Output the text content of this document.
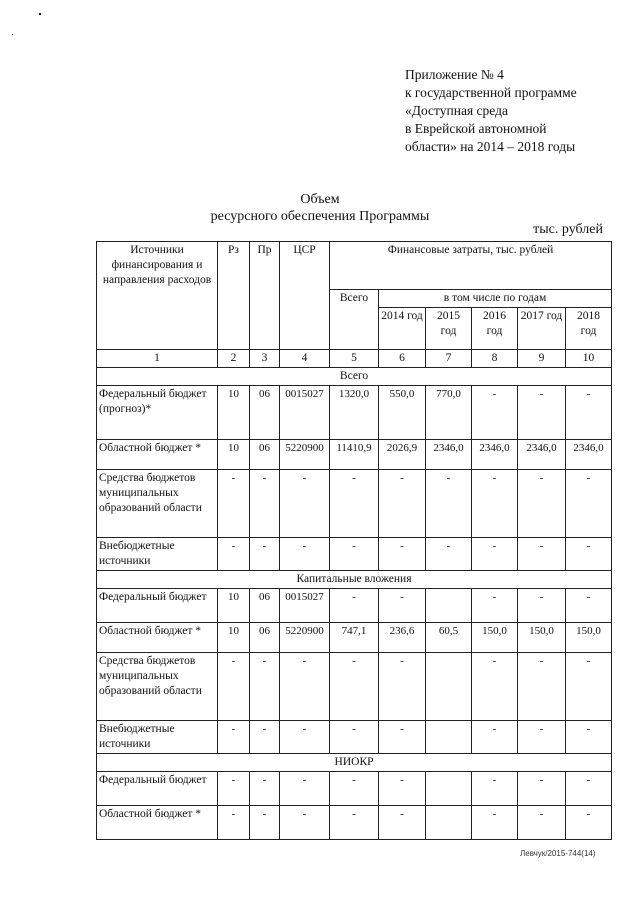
Приложение № 4
к государственной программе
«Доступная среда
в Еврейской автономной
области» на 2014 – 2018 годы
Объем
ресурсного обеспечения Программы
тыс. рублей
Источники финансирования и направления расходов	Рз	Пр	ЦСР	Финансовые затраты, тыс. рублей					
				Всего	в том числе по годам				
					2014 год	2015 год	2016 год	2017 год	2018 год
1	2	3	4	5	6	7	8	9	10
Всего									
Федеральный бюджет (прогноз)*	10	06	0015027	1320,0	550,0	770,0	-	-	-
Областной бюджет *	10	06	5220900	11410,9	2026,9	2346,0	2346,0	2346,0	2346,0
Средства бюджетов муниципальных образований области	-	-	-	-	-	-	-	-	-
Внебюджетные источники	-	-	-	-	-	-	-	-	-
Капитальные вложения									
Федеральный бюджет	10	06	0015027	-	-		-	-	-
Областной бюджет *	10	06	5220900	747,1	236,6	60,5	150,0	150,0	150,0
Средства бюджетов муниципальных образований области	-	-	-	-	-		-	-	-
Внебюджетные источники	-	-	-	-	-		-	-	-
НИОКР									
Федеральный бюджет	-	-	-	-	-		-	-	-
Областной бюджет *	-	-	-	-	-		-	-	-
Левчук/2015-744(14)
